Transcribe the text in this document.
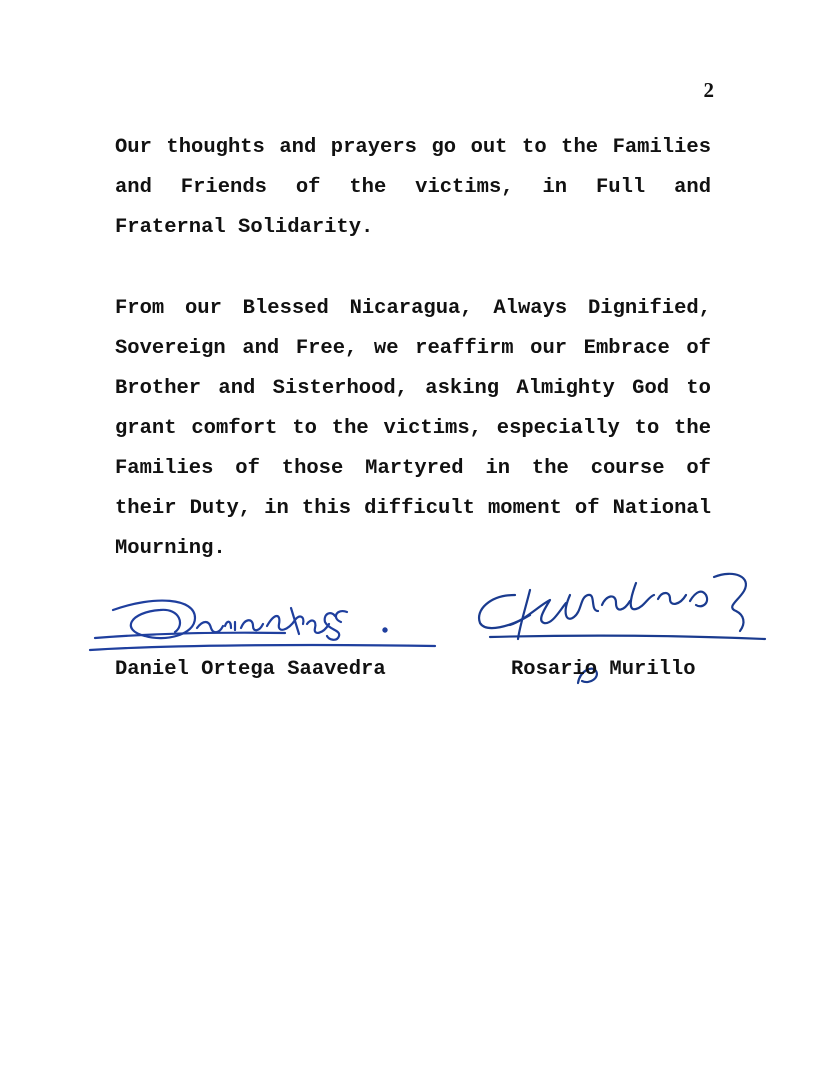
2

Our thoughts and prayers go out to the Families and Friends of the victims, in Full and Fraternal Solidarity.

From our Blessed Nicaragua, Always Dignified, Sovereign and Free, we reaffirm our Embrace of Brother and Sisterhood, asking Almighty God to grant comfort to the victims, especially to the Families of those Martyred in the course of their Duty, in this difficult moment of National Mourning.

Daniel Ortega Saavedra	Rosario Murillo
